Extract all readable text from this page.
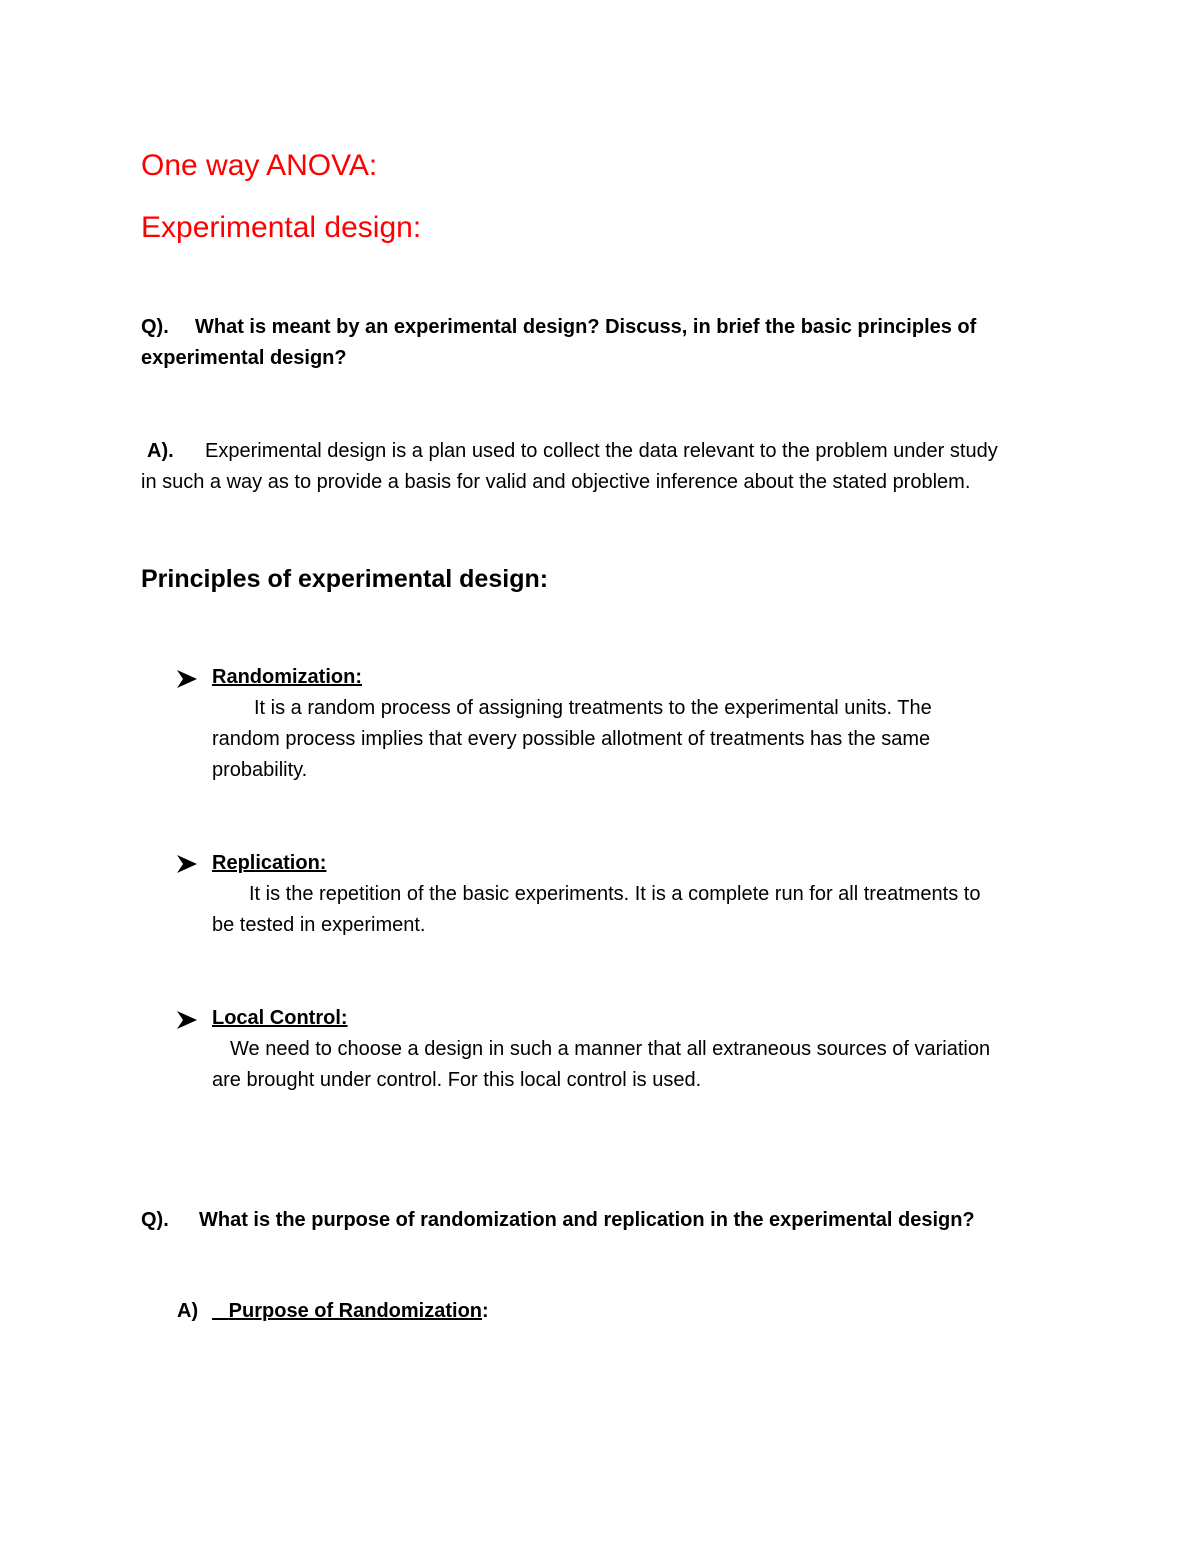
One way ANOVA:
Experimental design:
Q). What is meant by an experimental design? Discuss, in brief the basic principles of
experimental design?
A). Experimental design is a plan used to collect the data relevant to the problem under study
in such a way as to provide a basis for valid and objective inference about the stated problem.
Principles of experimental design:
Randomization:
It is a random process of assigning treatments to the experimental units. The
random process implies that every possible allotment of treatments has the same
probability.
Replication:
It is the repetition of the basic experiments. It is a complete run for all treatments to
be tested in experiment.
Local Control:
We need to choose a design in such a manner that all extraneous sources of variation
are brought under control. For this local control is used.
Q). What is the purpose of randomization and replication in the experimental design?
A)	Purpose of Randomization:
